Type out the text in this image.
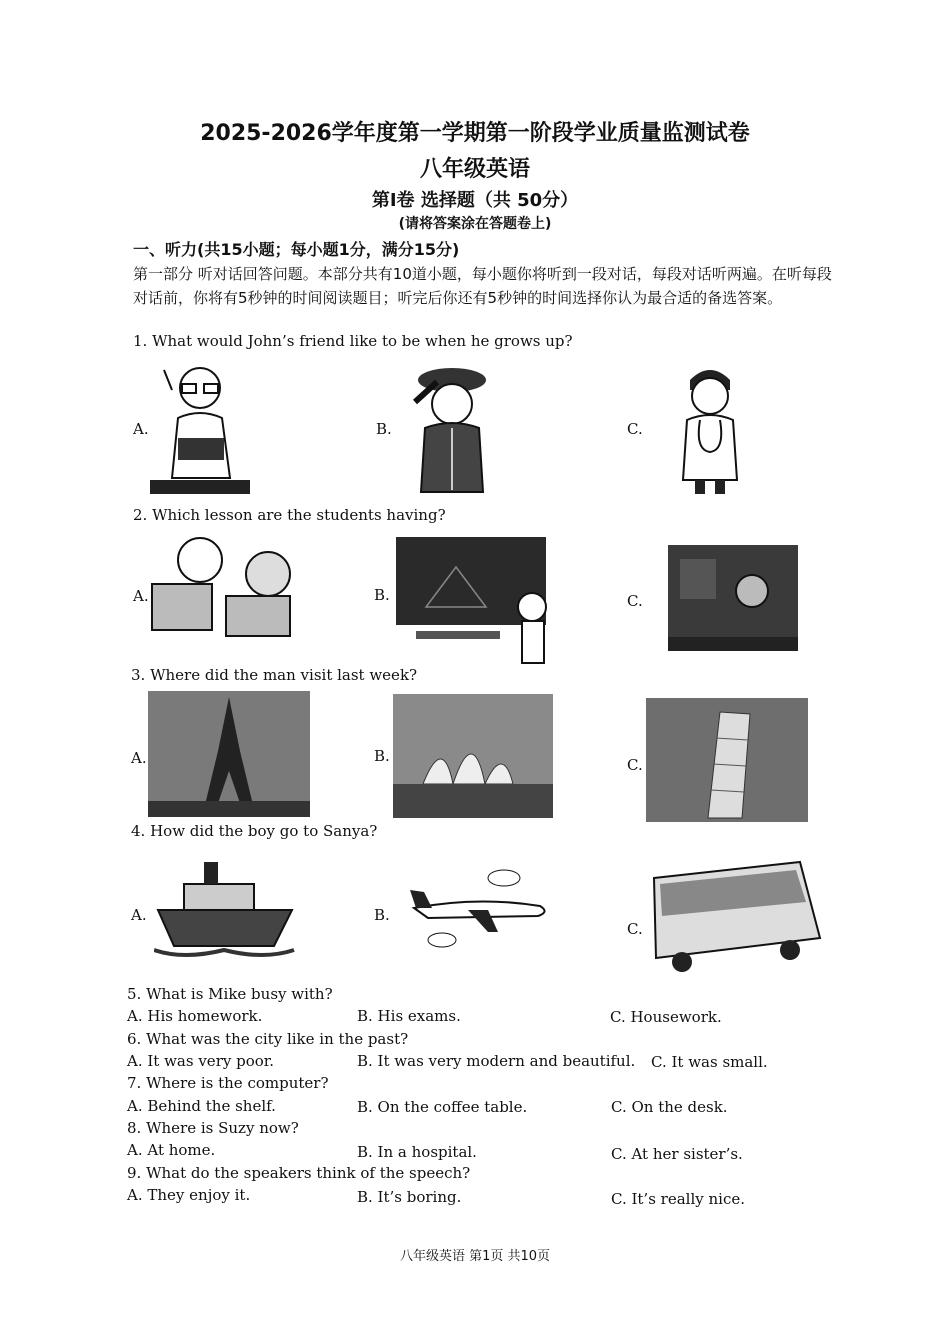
2025-2026学年度第一学期第一阶段学业质量监测试卷
八年级英语
第Ⅰ卷 选择题（共 50分）
(请将答案涂在答题卷上)
一、听力(共15小题；每小题1分，满分15分)
第一部分 听对话回答问题。本部分共有10道小题，每小题你将听到一段对话，每段对话听两遍。在听每段对话前，你将有5秒钟的时间阅读题目；听完后你还有5秒钟的时间选择你认为最合适的备选答案。
1. What would John’s friend like to be when he grows up?
A.	B.	C.
2. Which lesson are the students having?
A.	B.	C.
3. Where did the man visit last week?
A.	B.	C.
4. How did the boy go to Sanya?
A.	B.
C.
5. What is Mike busy with?
A. His homework.	B. His exams.	C. Housework.
6. What was the city like in the past?
A. It was very poor.	B. It was very modern and beautiful. C. It was small.
7. Where is the computer?
A. Behind the shelf.	B. On the coffee table.	C. On the desk.
8. Where is Suzy now?
A. At home.	B. In a hospital.	C. At her sister’s.
9. What do the speakers think of the speech?
A. They enjoy it.	B. It’s boring.	C. It’s really nice.
八年级英语 第1页 共10页
